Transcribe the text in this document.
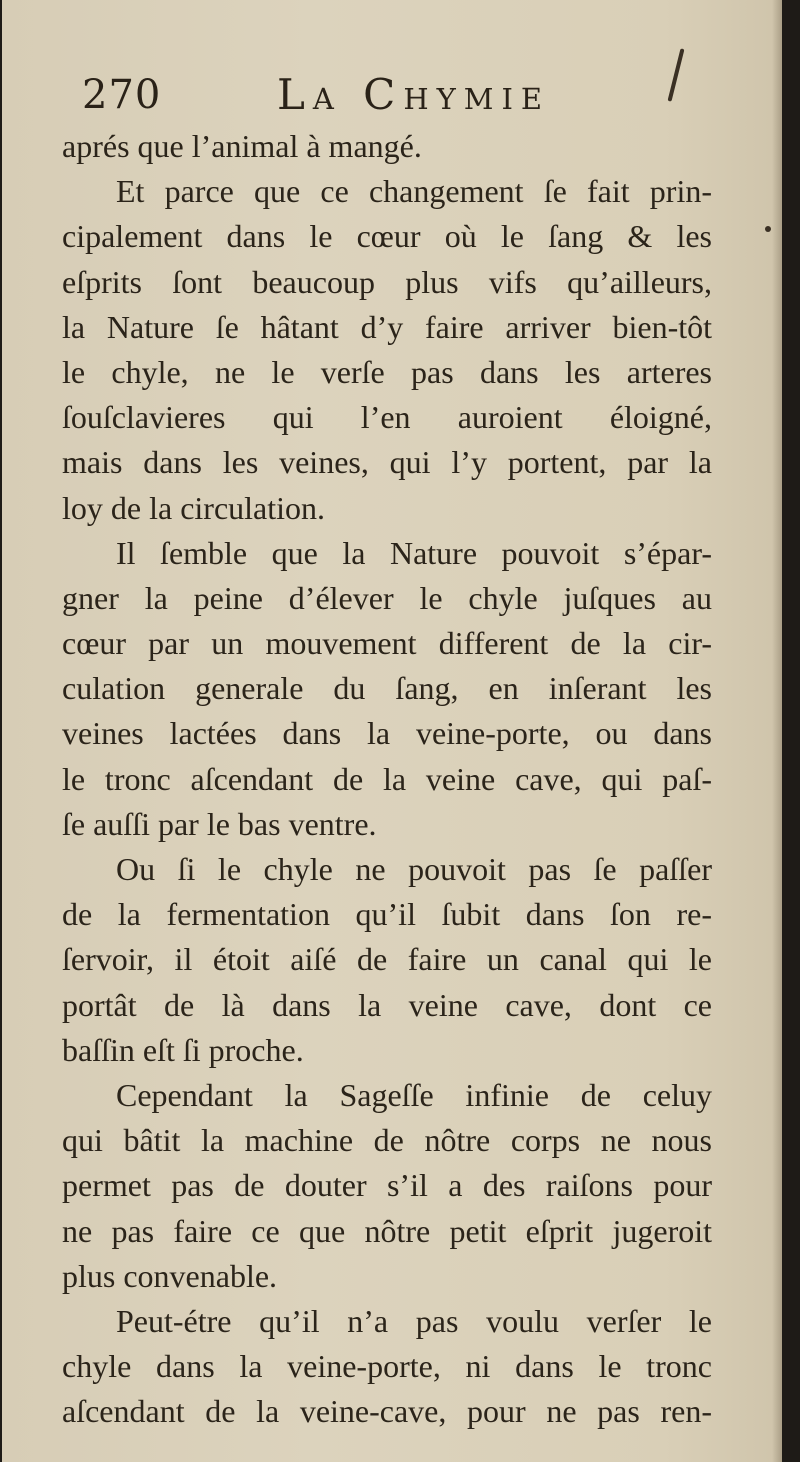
270	La Chymie
aprés que l’animal à mangé.
Et parce que ce changement ſe fait prin-
cipalement dans le cœur où le ſang & les
eſprits ſont beaucoup plus vifs qu’ailleurs,
la Nature ſe hâtant d’y faire arriver bien-tôt
le chyle, ne le verſe pas dans les arteres
ſouſclavieres qui l’en auroient éloigné,
mais dans les veines, qui l’y portent, par la
loy de la circulation.
Il ſemble que la Nature pouvoit s’épar-
gner la peine d’élever le chyle juſques au
cœur par un mouvement different de la cir-
culation generale du ſang, en inſerant les
veines lactées dans la veine-porte, ou dans
le tronc aſcendant de la veine cave, qui paſ-
ſe auſſi par le bas ventre.
Ou ſi le chyle ne pouvoit pas ſe paſſer
de la fermentation qu’il ſubit dans ſon re-
ſervoir, il étoit aiſé de faire un canal qui le
portât de là dans la veine cave, dont ce
baſſin eſt ſi proche.
Cependant la Sageſſe infinie de celuy
qui bâtit la machine de nôtre corps ne nous
permet pas de douter s’il a des raiſons pour
ne pas faire ce que nôtre petit eſprit jugeroit
plus convenable.
Peut-étre qu’il n’a pas voulu verſer le
chyle dans la veine-porte, ni dans le tronc
aſcendant de la veine-cave, pour ne pas ren-
